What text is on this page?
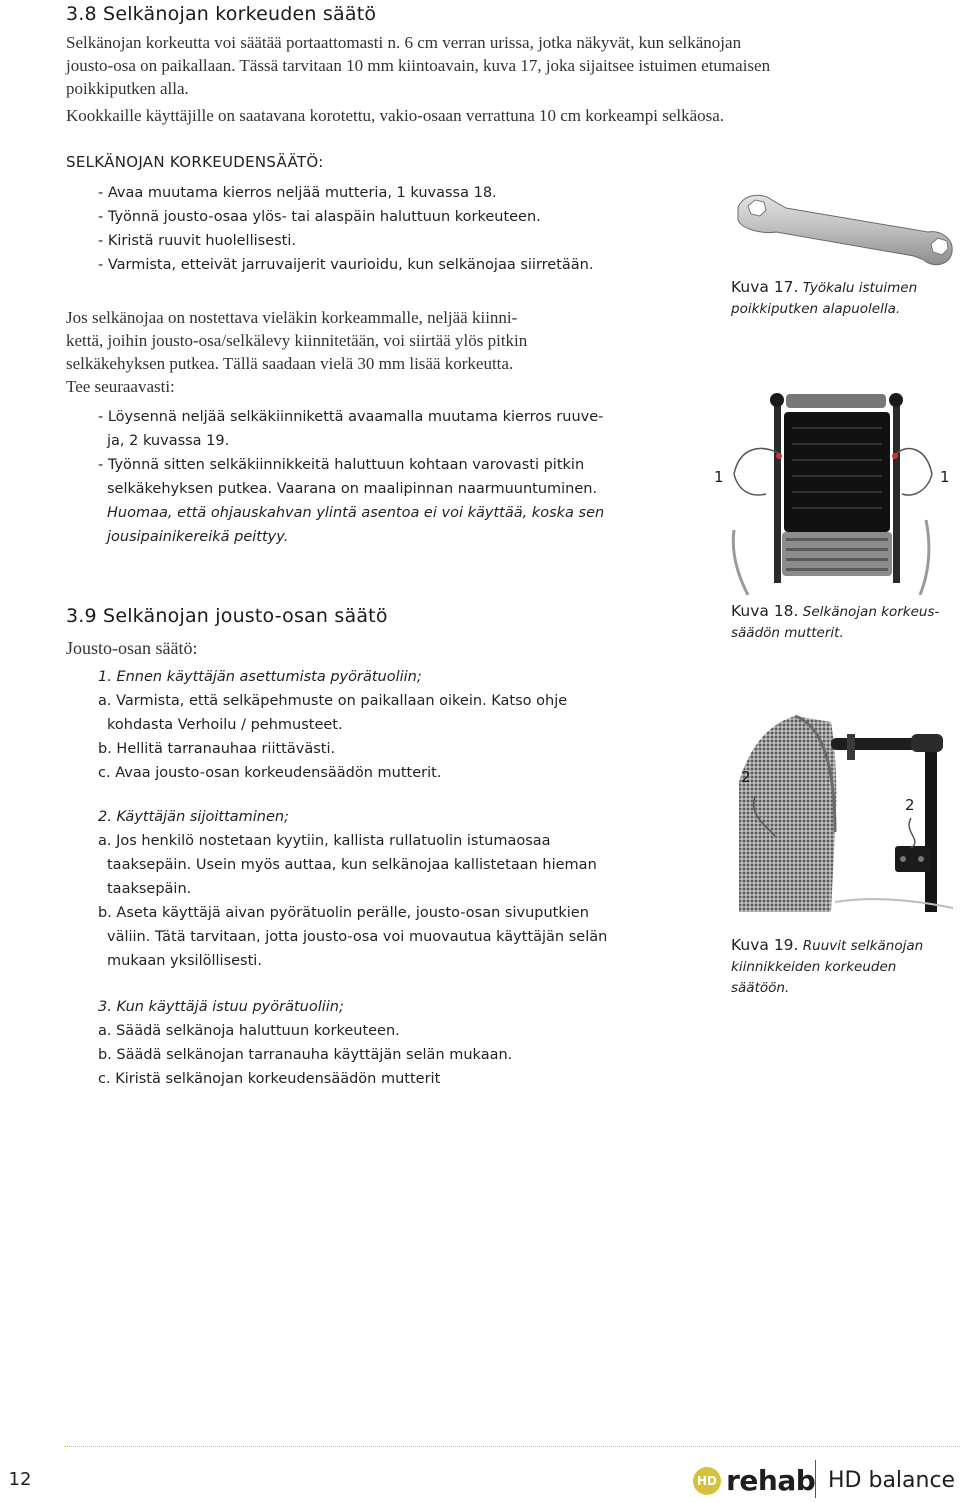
3.8 Selkänojan korkeuden säätö
Selkänojan korkeutta voi säätää portaattomasti n. 6 cm verran urissa, jotka näkyvät, kun selkänojan
jousto-osa on paikallaan. Tässä tarvitaan 10 mm kiintoavain, kuva 17, joka sijaitsee istuimen etumaisen
poikkiputken alla.
Kookkaille käyttäjille on saatavana korotettu, vakio-osaan verrattuna 10 cm korkeampi selkäosa.
SELKÄNOJAN KORKEUDENSÄÄTÖ:
- Avaa muutama kierros neljää mutteria, 1 kuvassa 18.
- Työnnä jousto-osaa ylös- tai alaspäin haluttuun korkeuteen.
- Kiristä ruuvit huolellisesti.
- Varmista, etteivät jarruvaijerit vaurioidu, kun selkänojaa siirretään.
Jos selkänojaa on nostettava vieläkin korkeammalle, neljää kiinni-
kettä, joihin jousto-osa/selkälevy kiinnitetään, voi siirtää ylös pitkin
selkäkehyksen putkea. Tällä saadaan vielä 30 mm lisää korkeutta.
Tee seuraavasti:
- Löysennä neljää selkäkiinnikettä avaamalla muutama kierros ruuve-
ja, 2 kuvassa 19.
- Työnnä sitten selkäkiinnikkeitä haluttuun kohtaan varovasti pitkin
selkäkehyksen putkea. Vaarana on maalipinnan naarmuuntuminen.
Huomaa, että ohjauskahvan ylintä asentoa ei voi käyttää, koska sen
jousipainikereikä peittyy.
Kuva 17. Työkalu istuimen
poikkiputken alapuolella.
1	1
Kuva 18. Selkänojan korkeus-
säädön mutterit.
3.9 Selkänojan jousto-osan säätö
Jousto-osan säätö:
1. Ennen käyttäjän asettumista pyörätuoliin;
a. Varmista, että selkäpehmuste on paikallaan oikein. Katso ohje
kohdasta Verhoilu / pehmusteet.
b. Hellitä tarranauhaa riittävästi.
c. Avaa jousto-osan korkeudensäädön mutterit.
2. Käyttäjän sijoittaminen;
a. Jos henkilö nostetaan kyytiin, kallista rullatuolin istumaosaa
taaksepäin. Usein myös auttaa, kun selkänojaa kallistetaan hieman
taaksepäin.
b. Aseta käyttäjä aivan pyörätuolin perälle, jousto-osan sivuputkien
väliin. Tätä tarvitaan, jotta jousto-osa voi muovautua käyttäjän selän
mukaan yksilöllisesti.
3. Kun käyttäjä istuu pyörätuoliin;
a. Säädä selkänoja haluttuun korkeuteen.
b. Säädä selkänojan tarranauha käyttäjän selän mukaan.
c. Kiristä selkänojan korkeudensäädön mutterit
2
2
Kuva 19. Ruuvit selkänojan
kiinnikkeiden korkeuden
säätöön.
12	HD rehab HD balance
